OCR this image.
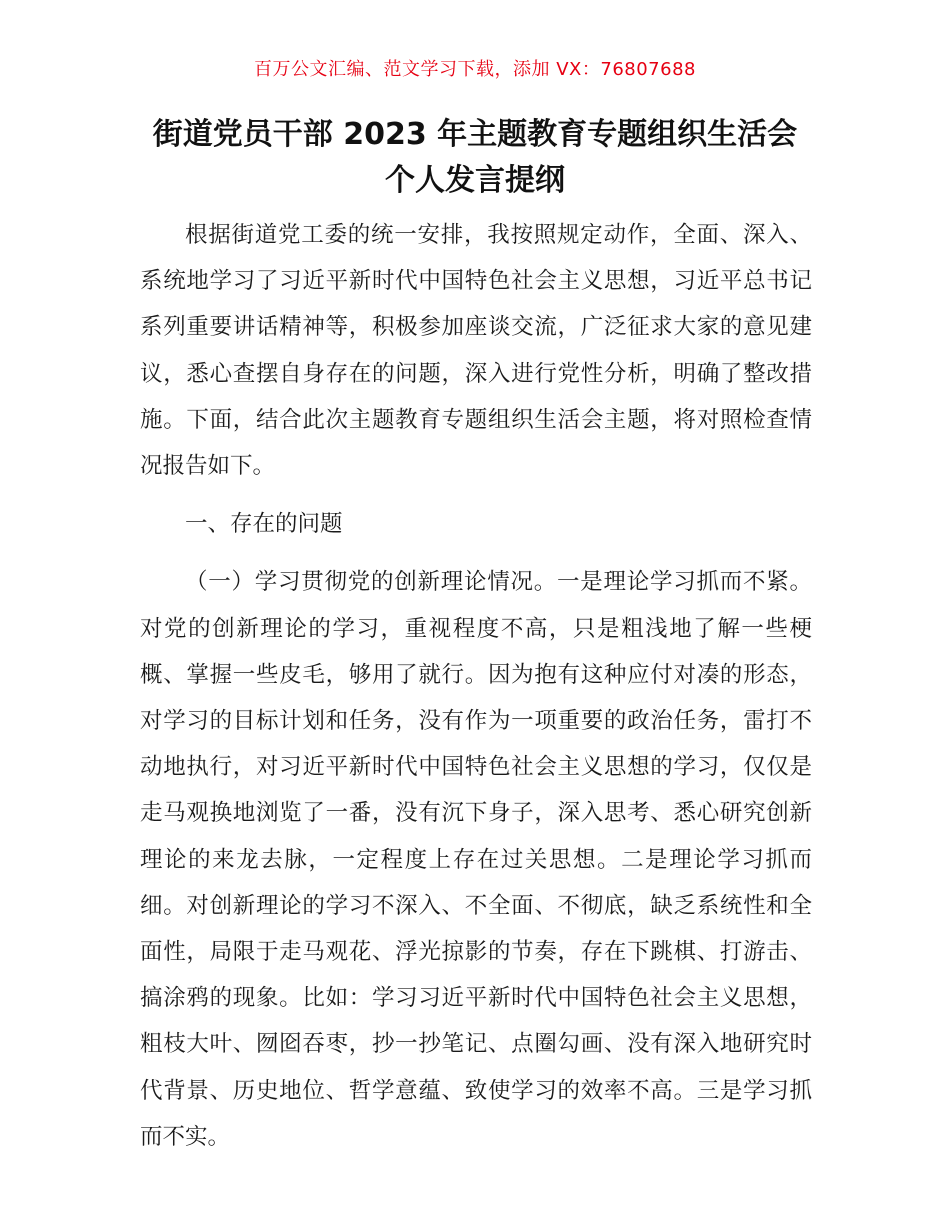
百万公文汇编、范文学习下载，添加 VX：76807688
街道党员干部 2023 年主题教育专题组织生活会
个人发言提纲

根据街道党工委的统一安排，我按照规定动作，全面、深入、系统地学习了习近平新时代中国特色社会主义思想，习近平总书记系列重要讲话精神等，积极参加座谈交流，广泛征求大家的意见建议，悉心查摆自身存在的问题，深入进行党性分析，明确了整改措施。下面，结合此次主题教育专题组织生活会主题，将对照检查情况报告如下。

一、存在的问题

（一）学习贯彻党的创新理论情况。一是理论学习抓而不紧。对党的创新理论的学习，重视程度不高，只是粗浅地了解一些梗概、掌握一些皮毛，够用了就行。因为抱有这种应付对凑的形态，对学习的目标计划和任务，没有作为一项重要的政治任务，雷打不动地执行，对习近平新时代中国特色社会主义思想的学习，仅仅是走马观换地浏览了一番，没有沉下身子，深入思考、悉心研究创新理论的来龙去脉，一定程度上存在过关思想。二是理论学习抓而细。对创新理论的学习不深入、不全面、不彻底，缺乏系统性和全面性，局限于走马观花、浮光掠影的节奏，存在下跳棋、打游击、搞涂鸦的现象。比如：学习习近平新时代中国特色社会主义思想，粗枝大叶、囫囵吞枣，抄一抄笔记、点圈勾画、没有深入地研究时代背景、历史地位、哲学意蕴、致使学习的效率不高。三是学习抓而不实。
